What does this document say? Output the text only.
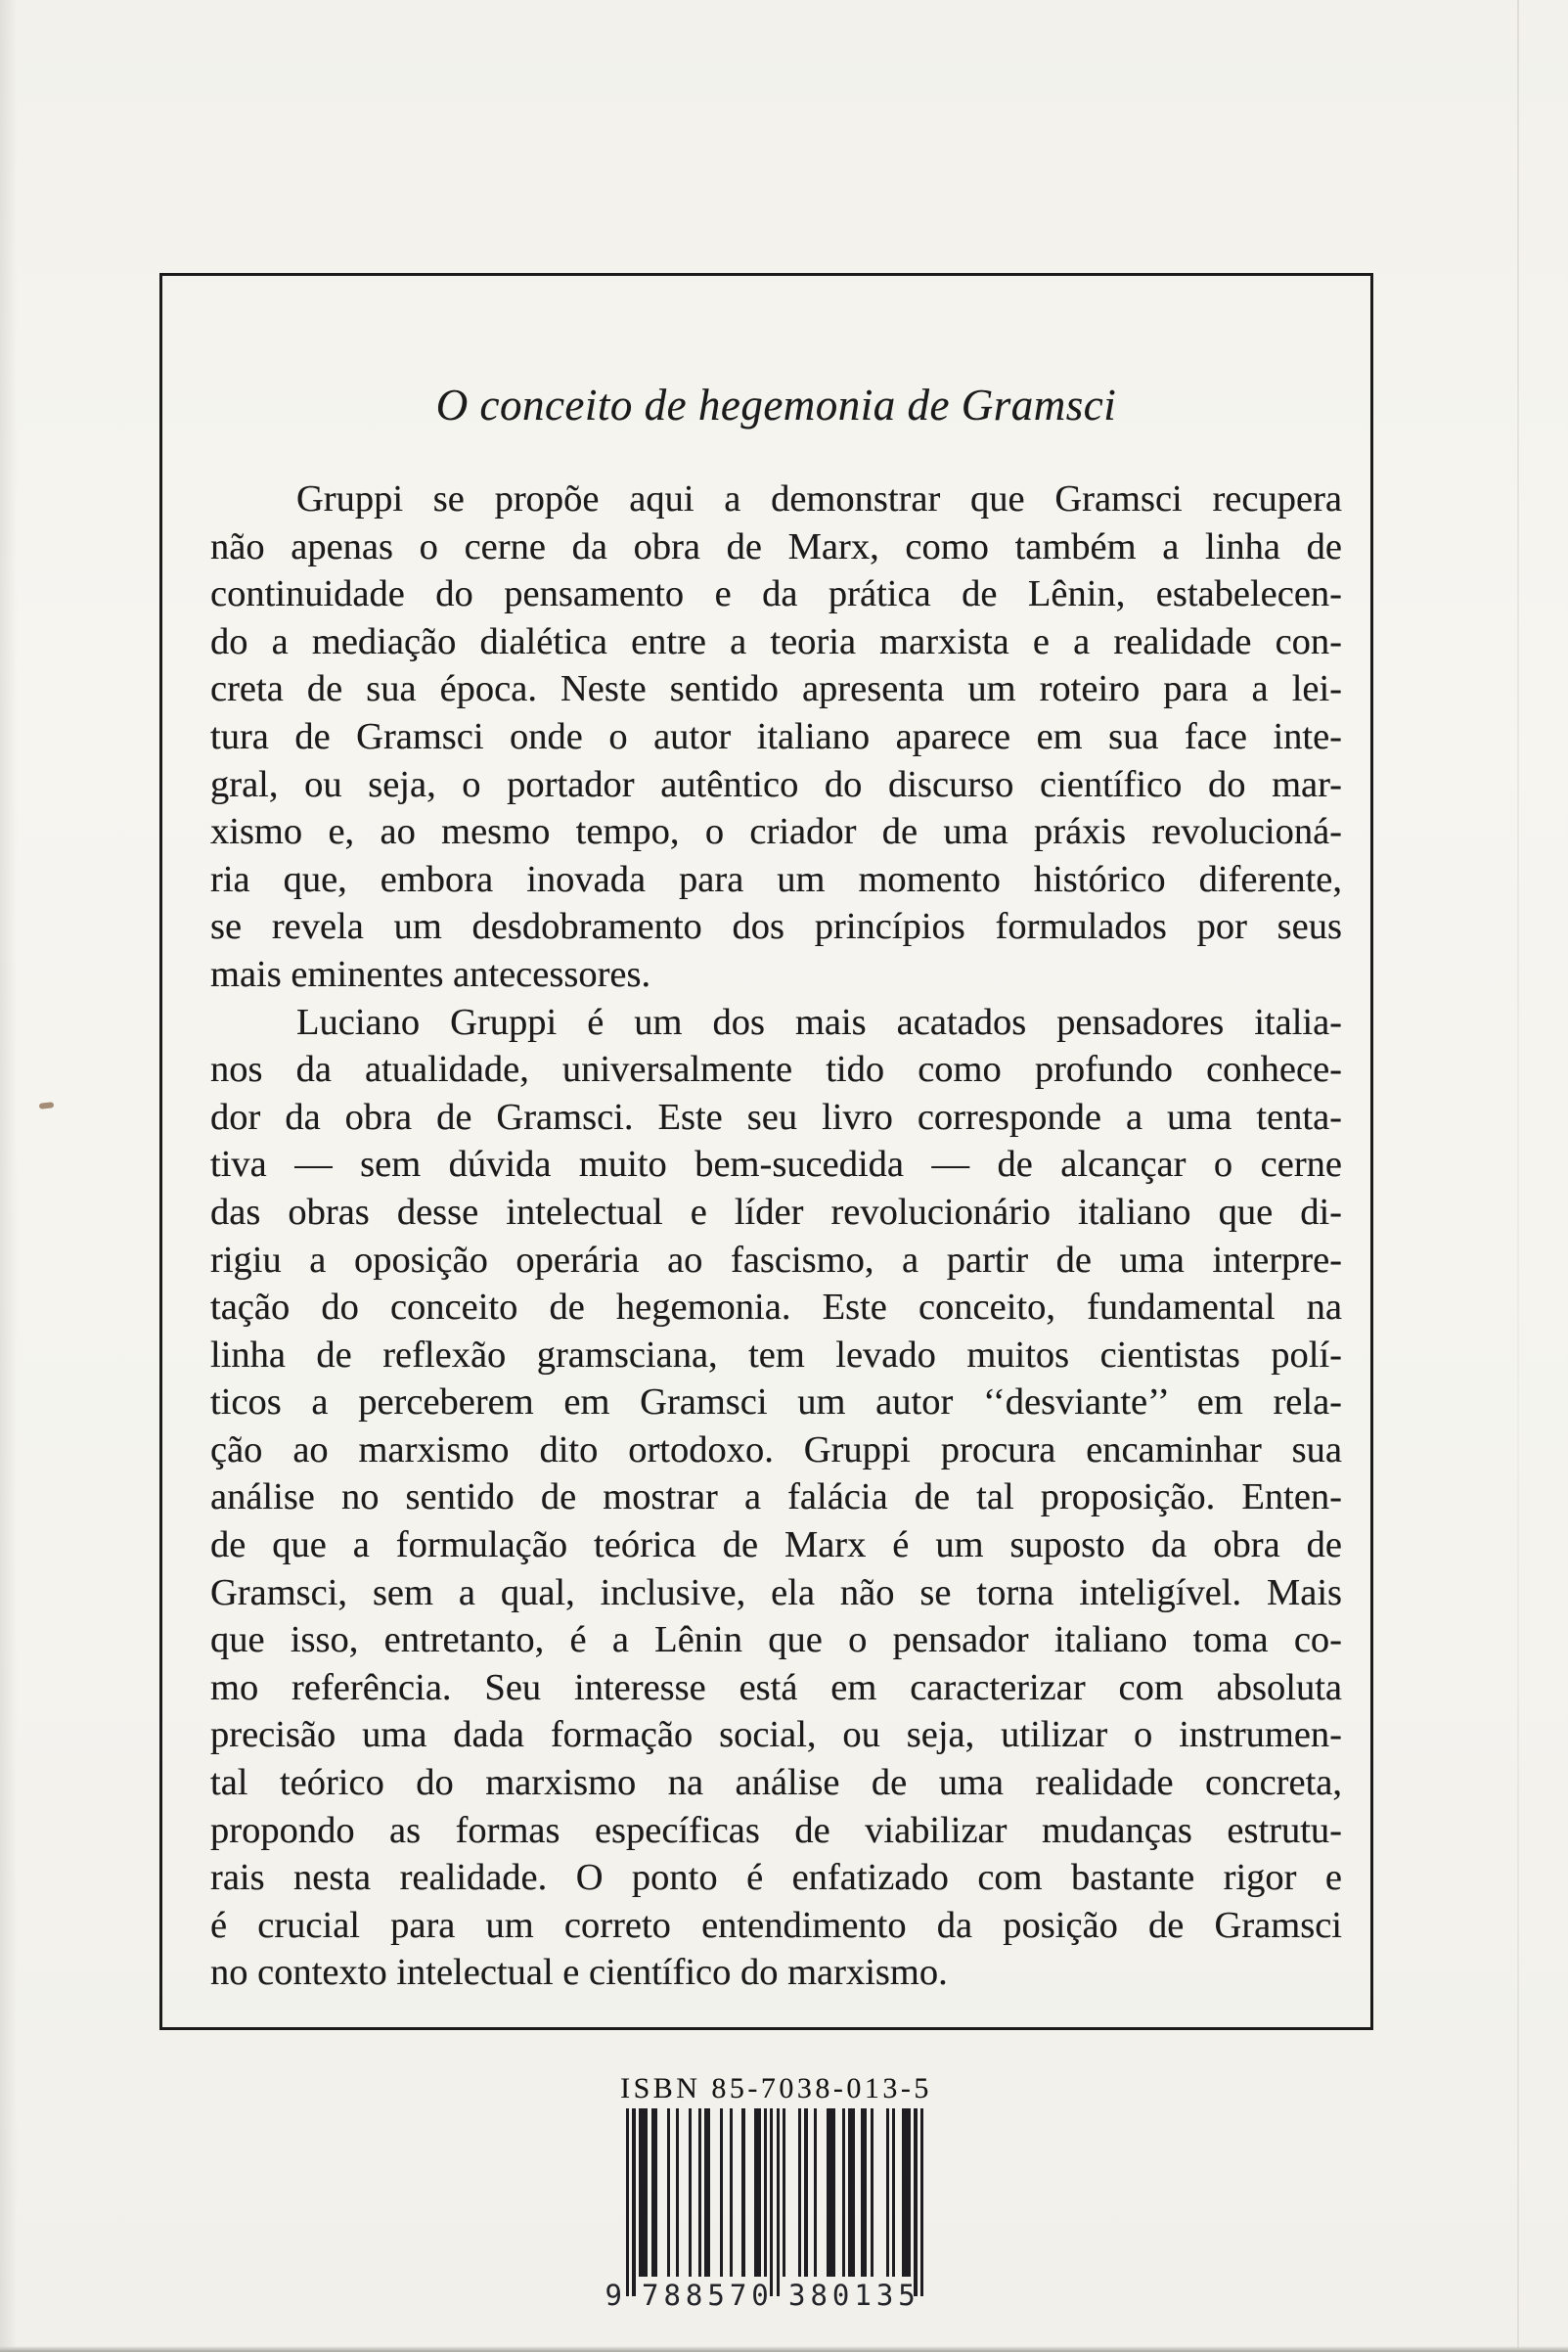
O conceito de hegemonia de Gramsci
Gruppi se propõe aqui a demonstrar que Gramsci recupera
não apenas o cerne da obra de Marx, como também a linha de
continuidade do pensamento e da prática de Lênin, estabelecen-
do a mediação dialética entre a teoria marxista e a realidade con-
creta de sua época. Neste sentido apresenta um roteiro para a lei-
tura de Gramsci onde o autor italiano aparece em sua face inte-
gral, ou seja, o portador autêntico do discurso científico do mar-
xismo e, ao mesmo tempo, o criador de uma práxis revolucioná-
ria que, embora inovada para um momento histórico diferente,
se revela um desdobramento dos princípios formulados por seus
mais eminentes antecessores.
Luciano Gruppi é um dos mais acatados pensadores italia-
nos da atualidade, universalmente tido como profundo conhece-
dor da obra de Gramsci. Este seu livro corresponde a uma tenta-
tiva — sem dúvida muito bem-sucedida — de alcançar o cerne
das obras desse intelectual e líder revolucionário italiano que di-
rigiu a oposição operária ao fascismo, a partir de uma interpre-
tação do conceito de hegemonia. Este conceito, fundamental na
linha de reflexão gramsciana, tem levado muitos cientistas polí-
ticos a perceberem em Gramsci um autor ‘‘desviante’’ em rela-
ção ao marxismo dito ortodoxo. Gruppi procura encaminhar sua
análise no sentido de mostrar a falácia de tal proposição. Enten-
de que a formulação teórica de Marx é um suposto da obra de
Gramsci, sem a qual, inclusive, ela não se torna inteligível. Mais
que isso, entretanto, é a Lênin que o pensador italiano toma co-
mo referência. Seu interesse está em caracterizar com absoluta
precisão uma dada formação social, ou seja, utilizar o instrumen-
tal teórico do marxismo na análise de uma realidade concreta,
propondo as formas específicas de viabilizar mudanças estrutu-
rais nesta realidade. O ponto é enfatizado com bastante rigor e
é crucial para um correto entendimento da posição de Gramsci
no contexto intelectual e científico do marxismo.
ISBN 85-7038-013-5
9 788570 380135
